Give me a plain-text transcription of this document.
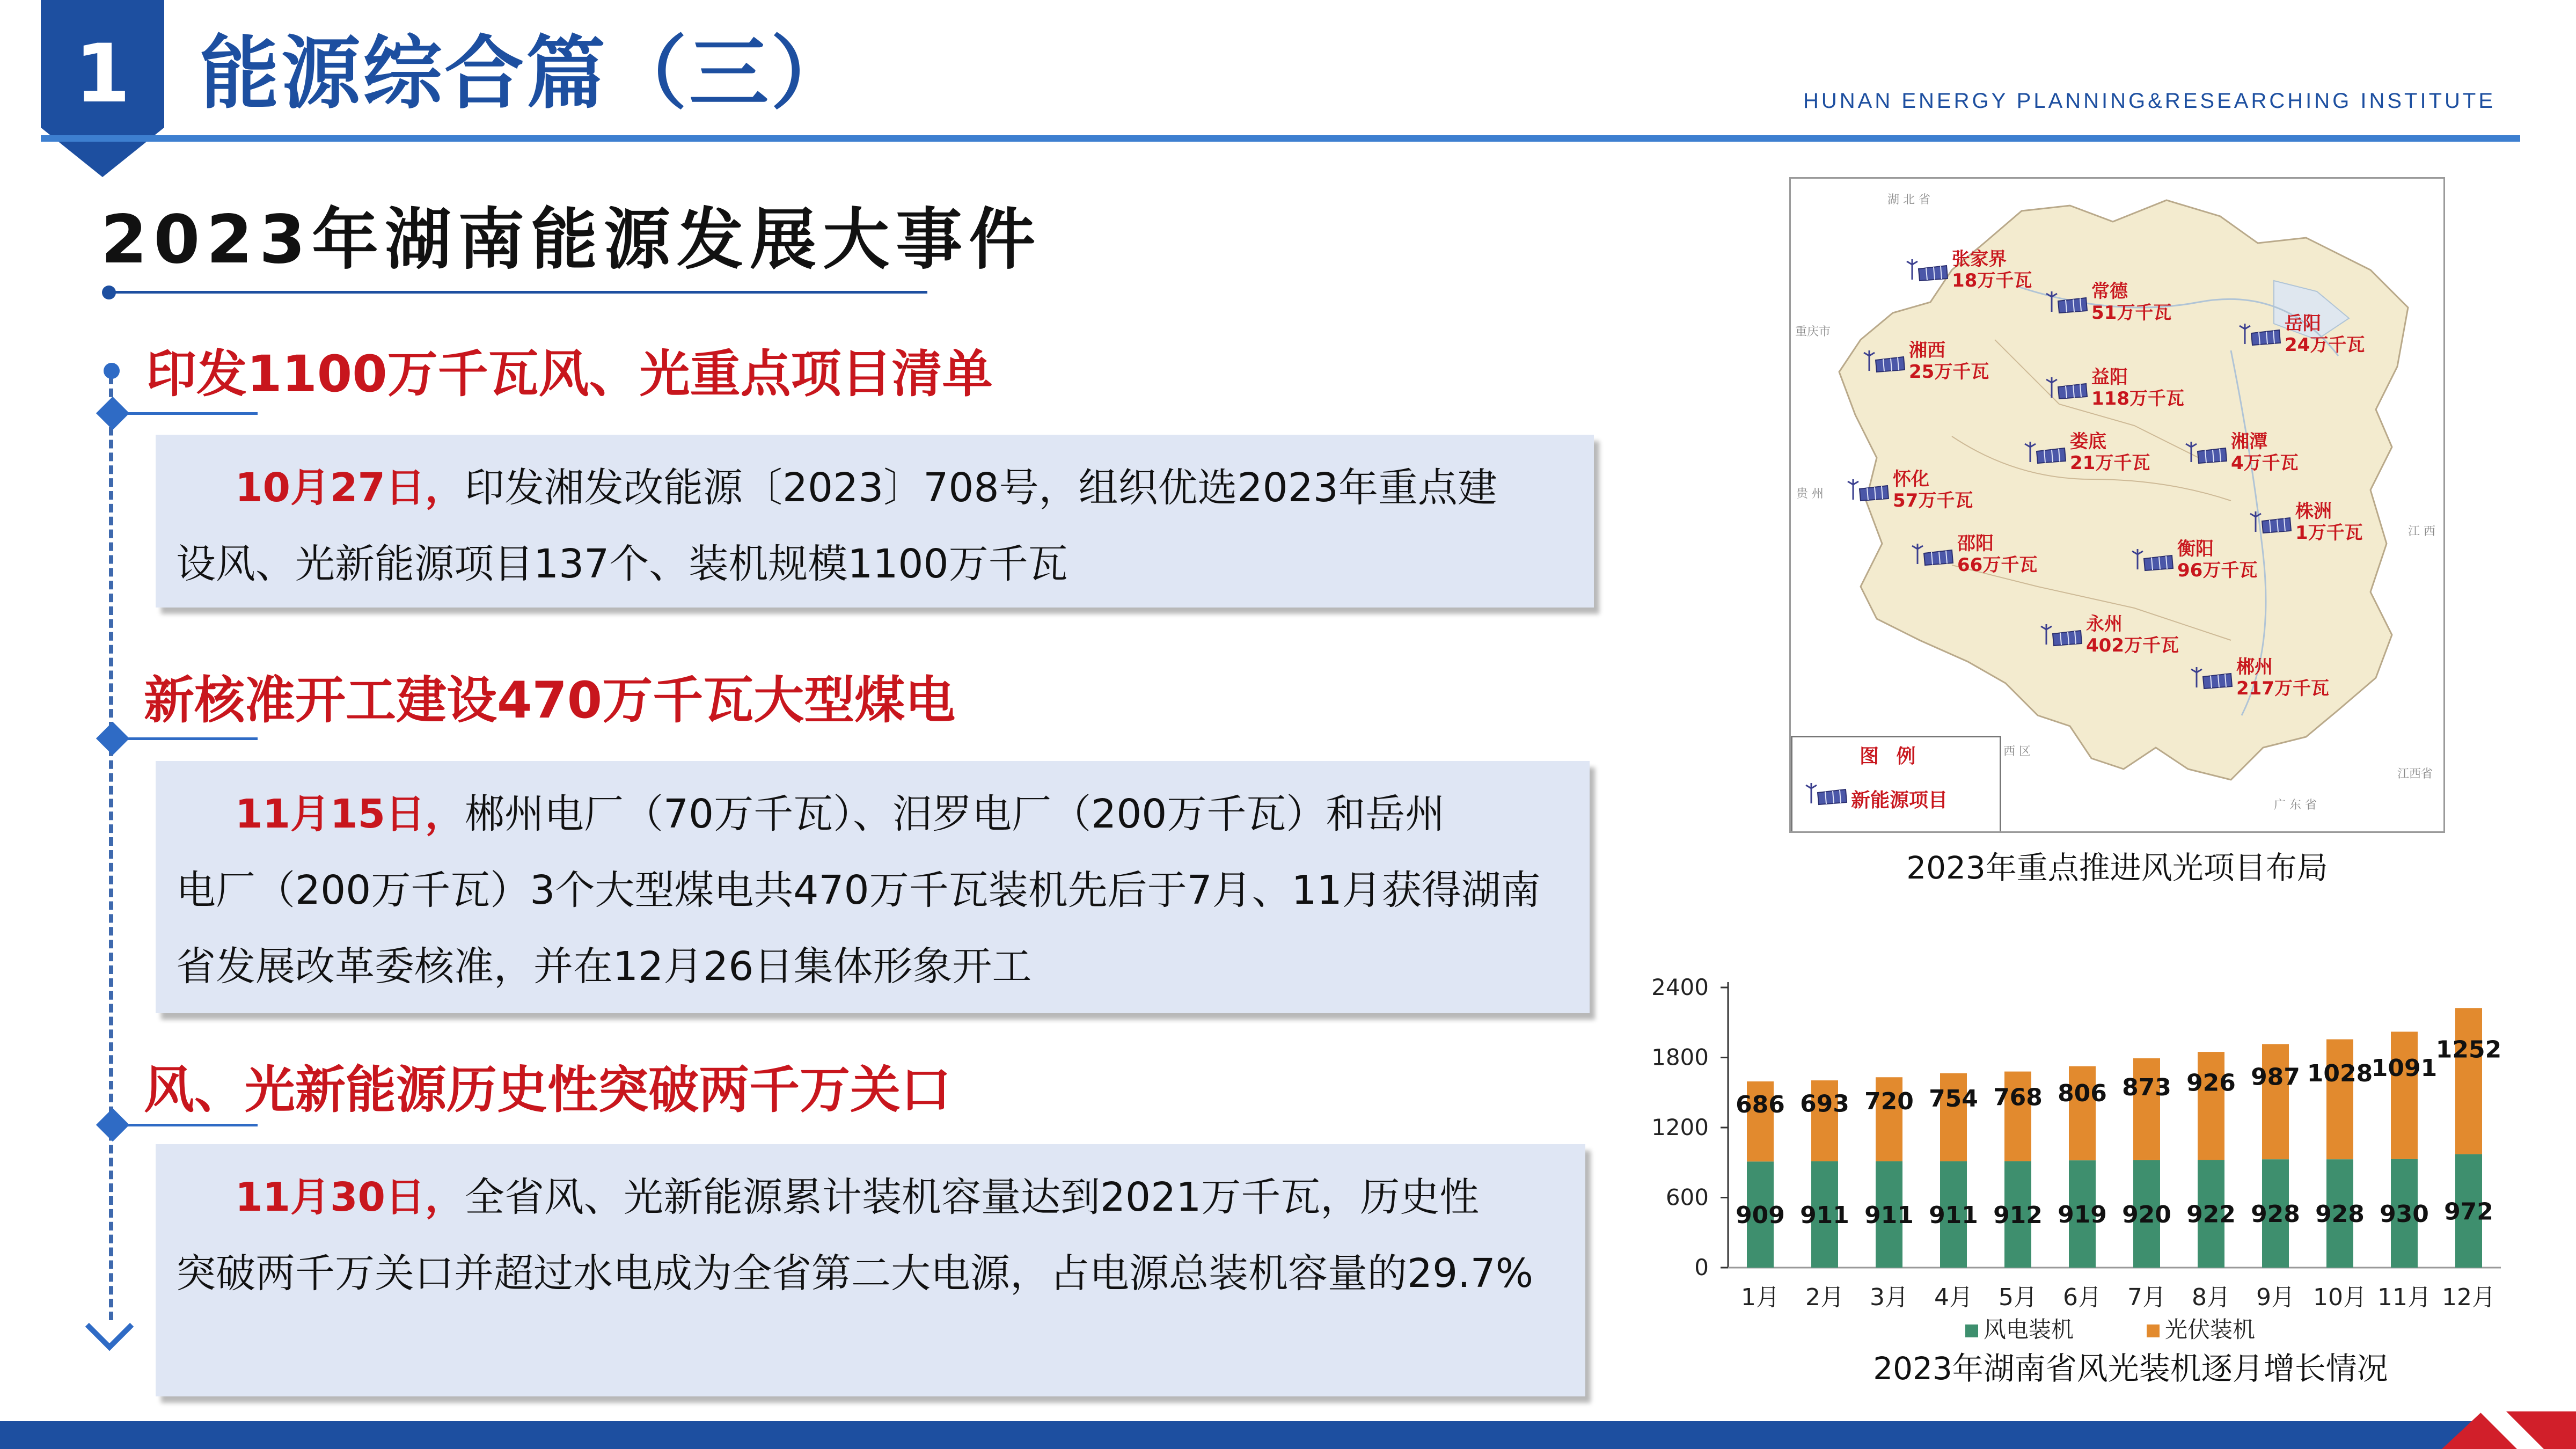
1 能源综合篇（三）	HUNAN ENERGY PLANNING&RESEARCHING INSTITUTE
2023年湖南能源发展大事件
印发1100万千瓦风、光重点项目清单
10月27日，印发湘发改能源〔2023〕708号，组织优选2023年重点建
设风、光新能源项目137个、装机规模1100万千瓦
新核准开工建设470万千瓦大型煤电
11月15日，郴州电厂（70万千瓦）、汨罗电厂（200万千瓦）和岳州
电厂（200万千瓦）3个大型煤电共470万千瓦装机先后于7月、11月获得湖南省发展改革委核准，并在12月26日集体形象开工
风、光新能源历史性突破两千万关口
11月30日，全省风、光新能源累计装机容量达到2021万千瓦，历史性
突破两千万关口并超过水电成为全省第二大电源，占电源总装机容量的29.7%
湖 北 省
重庆市
贵 州
江 西
江西省
广 东 省
西 区
张家界
18万千瓦	常德
51万千瓦	岳阳
24万千瓦
湘西
25万千瓦	益阳
118万千瓦
娄底
21万千瓦
湘潭
4万千瓦
怀化
57万千瓦	株洲
1万千瓦
邵阳
66万千瓦
衡阳
96万千瓦
永州
402万千瓦
郴州
217万千瓦
图 例
新能源项目
2023年重点推进风光项目布局
0
600
1200
1800
2400
909
686
1月
911
693
2月
911
720
3月
911
754
4月
912
768
5月
919
806
6月
920
873
7月
922
926
8月
928
987
9月
928
1028
10月
930
1091
11月
972
1252
12月
风电装机	光伏装机
2023年湖南省风光装机逐月增长情况
